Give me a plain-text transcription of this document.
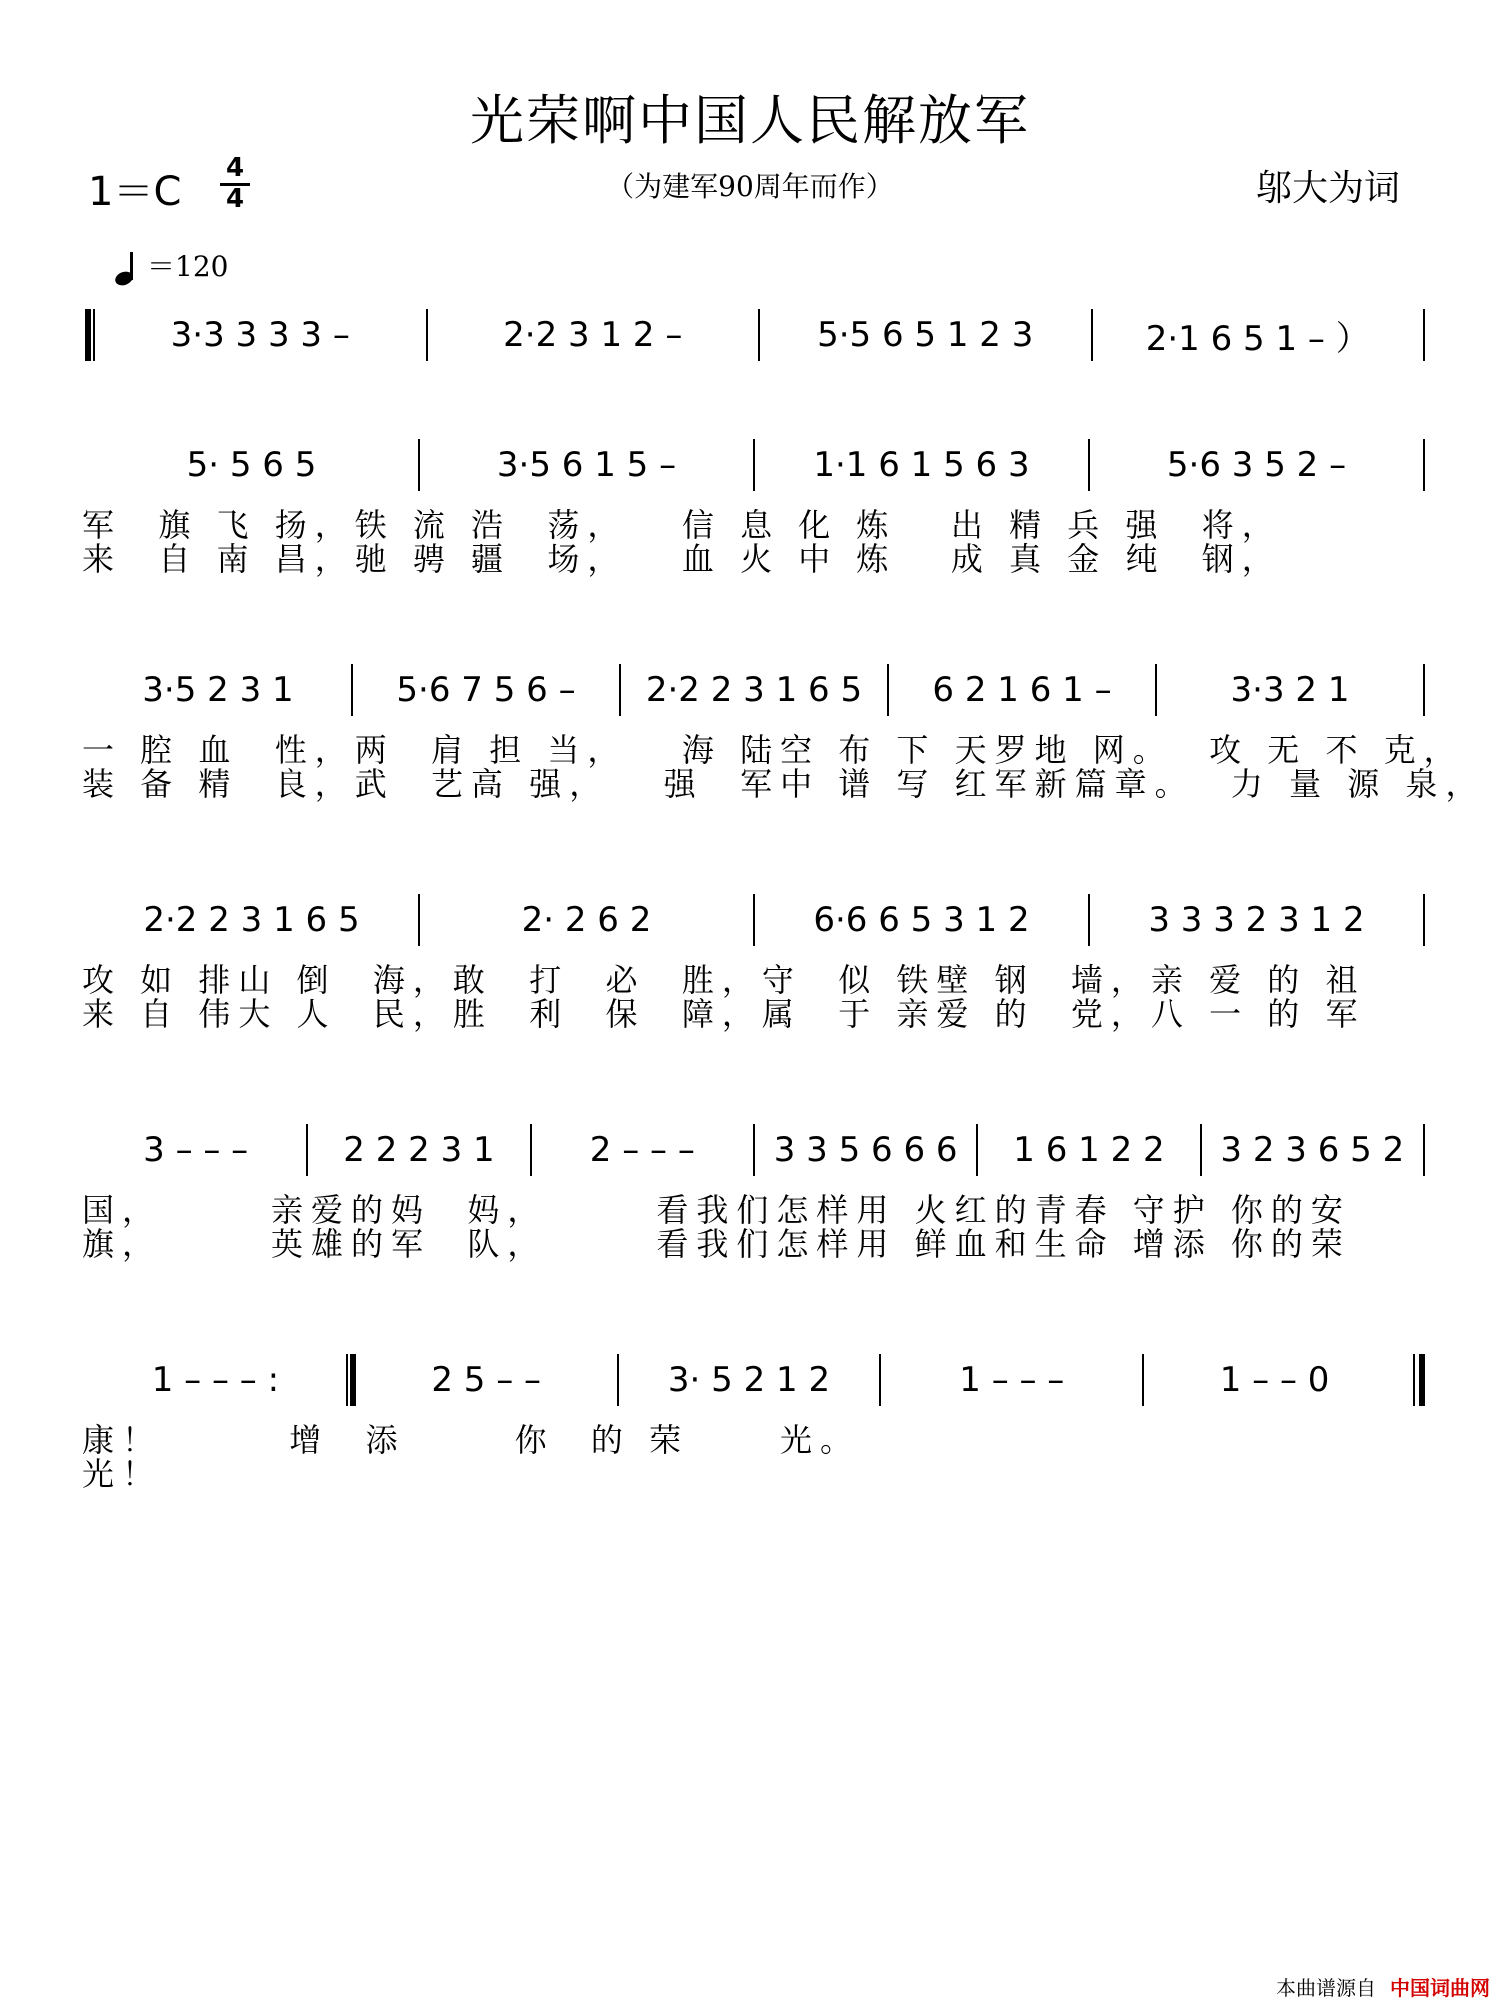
光荣啊中国人民解放军
1＝C
4
4	（为建军90周年而作）	邬大为词
＝120
3·3 3 3 3 –	2·2 3 1 2 –	5·5 6 5 1 2 3	2·1 6 5 1 – ）
5· 5 6 5	3·5 6 1 5 –	1·1 6 1 5 6 3	5·6 3 5 2 –
军  旗 飞 扬，铁 流 浩  荡，   信 息 化 炼   出 精 兵 强  将，
来  自 南 昌，驰 骋 疆  场，   血 火 中 炼   成 真 金 纯  钢，
3·5 2 3 1	5·6 7 5 6 –	2·2 2 3 1 6 5	6 2 1 6 1 –	3·3 2 1
一 腔 血  性，两  肩 担 当，   海 陆空 布 下 天罗地 网。  攻 无 不 克，
装 备 精  良，武  艺高 强，   强  军中 谱 写 红军新篇章。  力 量 源 泉，
2·2 2 3 1 6 5	2· 2 6 2	6·6 6 5 3 1 2	3 3 3 2 3 1 2
攻 如 排山 倒  海，敢  打  必  胜，守  似 铁壁 钢  墙，亲 爱 的 祖
来 自 伟大 人  民，胜  利  保  障，属  于 亲爱 的  党，八 一 的 军
3 – – –	2 2 2 3 1	2 – – –	3 3 5 6 6 6	1 6 1 2 2	3 2 3 6 5 2
国，      亲爱的妈  妈，      看我们怎样用 火红的青春 守护 你的安
旗，      英雄的军  队，      看我们怎样用 鲜血和生命 增添 你的荣
1 – – – :	2 5 – –	3· 5 2 1 2	1 – – –	1 – – 0
康！       增  添      你  的 荣     光。
光！
本曲谱源自 中国词曲网
